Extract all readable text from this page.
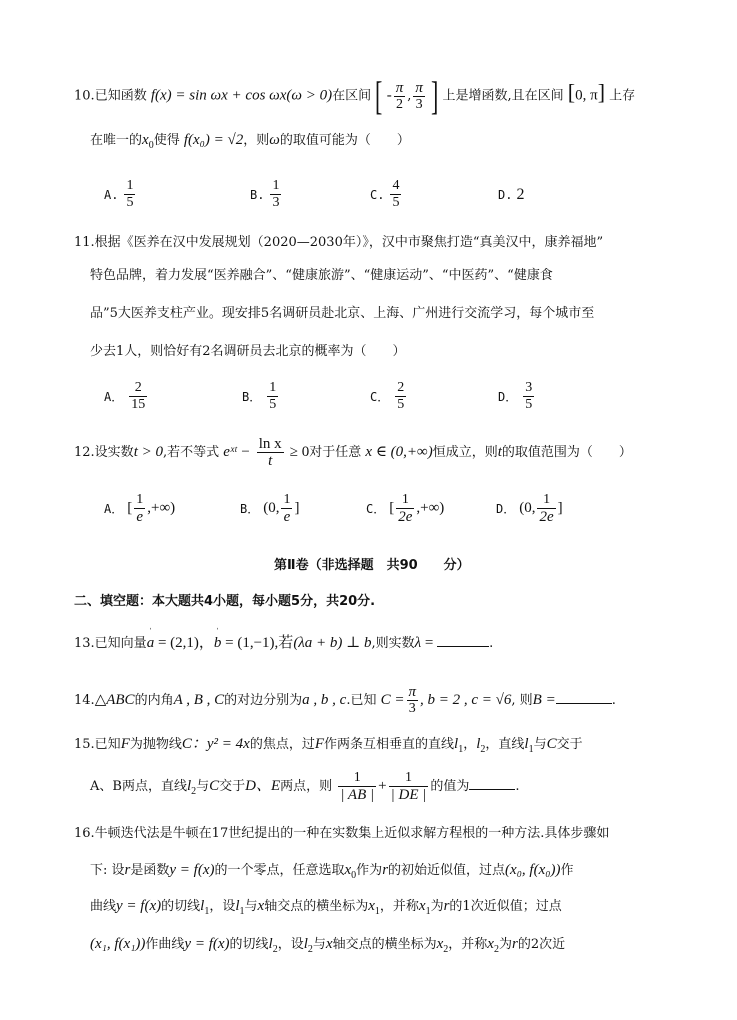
10.已知函数 f(x) = sin ωx + cos ωx(ω > 0)在区间 [ - $\frac{\pi}{2}$ , $\frac{\pi}{3}$ ] 上是增函数,且在区间 [0, π] 上存
在唯一的$x_0$使得 f(x₀) = √2，则ω的取值可能为（　　）
A. $\frac{1}{5}$	B. $\frac{1}{3}$	C. $\frac{4}{5}$	D. 2
11.根据《医养在汉中发展规划（2020—2030年）》，汉中市聚焦打造“真美汉中，康养福地”
特色品牌，着力发展“医养融合”、“健康旅游”、“健康运动”、“中医药”、“健康食
品”5大医养支柱产业。现安排5名调研员赴北京、上海、广州进行交流学习，每个城市至
少去1人，则恰好有2名调研员去北京的概率为（　　）
A． $\frac{2}{15}$	B． $\frac{1}{5}$	C． $\frac{2}{5}$	D． $\frac{3}{5}$
12.设实数t > 0,若不等式 eˣᵗ − $\frac{\text{ln x}}{t} \ge 0$对于任意 x ∈ (0,+∞)恒成立，则t的取值范围为（　　）
A． [ $\frac{1}{e}$ ,+∞)	B． (0, $\frac{1}{e}$ ]	C． [ $\frac{1}{2e}$ ,+∞)	D． (0, $\frac{1}{2e}$ ]
第Ⅱ卷（非选择题　共90　　分）
二、填空题：本大题共4小题，每小题5分，共20分.
13.已知向量ˈ a = (2,1)，ˈ b = (1,−1),若(λa + b) ⊥ b,则实数λ =	.
14.△ABC的内角A , B , C的对边分别为a , b , c.已知 $C = \frac{\pi}{3}$ , b = 2 , c = √6, 则B =	.
15.已知F为抛物线C：y² = 4x的焦点，过F作两条互相垂直的直线$l_1$，$l_2$，直线$l_1$与C交于
A、B两点，直线$l_2$与C交于D、E两点，则 $\frac{1}{| AB |} + \frac{1}{| DE |}$ 的值为	.
16.牛顿迭代法是牛顿在17世纪提出的一种在实数集上近似求解方程根的一种方法.具体步骤如
下: 设r是函数y = f(x)的一个零点，任意选取$x_0$作为r的初始近似值，过点(x₀, f(x₀))作
曲线y = f(x)的切线$l_1$，设$l_1$与x轴交点的横坐标为$x_1$，并称$x_1$为r的1次近似值；过点
(x₁, f(x₁))作曲线y = f(x)的切线$l_2$，设$l_2$与x轴交点的横坐标为$x_2$，并称$x_2$为r的2次近
